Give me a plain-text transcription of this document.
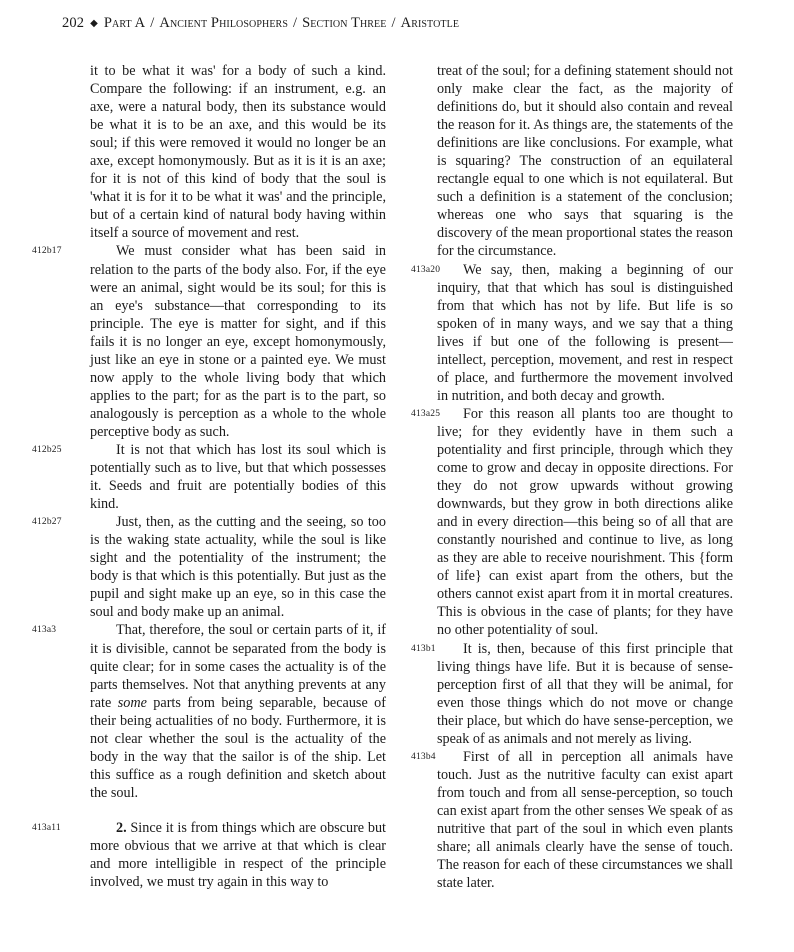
202 ◆ Part A / Ancient Philosophers / Section Three / Aristotle

it to be what it was' for a body of such a kind. Compare the following: if an instrument, e.g. an axe, were a natural body, then its substance would be what it is to be an axe, and this would be its soul; if this were removed it would no longer be an axe, except homonymously. But as it is it is an axe; for it is not of this kind of body that the soul is 'what it is for it to be what it was' and the principle, but of a certain kind of natural body having within itself a source of movement and rest.

412b17	We must consider what has been said in relation to the parts of the body also. For, if the eye were an animal, sight would be its soul; for this is an eye's substance—that corresponding to its principle. The eye is matter for sight, and if this fails it is no longer an eye, except homonymously, just like an eye in stone or a painted eye. We must now apply to the whole living body that which applies to the part; for as the part is to the part, so analogously is perception as a whole to the whole perceptive body as such.

412b25	It is not that which has lost its soul which is potentially such as to live, but that which possesses it. Seeds and fruit are potentially bodies of this kind.

412b27	Just, then, as the cutting and the seeing, so too is the waking state actuality, while the soul is like sight and the potentiality of the instrument; the body is that which is this potentially. But just as the pupil and sight make up an eye, so in this case the soul and body make up an animal.

413a3	That, therefore, the soul or certain parts of it, if it is divisible, cannot be separated from the body is quite clear; for in some cases the actuality is of the parts themselves. Not that anything prevents at any rate some parts from being separable, because of their being actualities of no body. Furthermore, it is not clear whether the soul is the actuality of the body in the way that the sailor is of the ship. Let this suffice as a rough definition and sketch about the soul.

413a11	2. Since it is from things which are obscure but more obvious that we arrive at that which is clear and more intelligible in respect of the principle involved, we must try again in this way to

treat of the soul; for a defining statement should not only make clear the fact, as the majority of definitions do, but it should also contain and reveal the reason for it. As things are, the statements of the definitions are like conclusions. For example, what is squaring? The construction of an equilateral rectangle equal to one which is not equilateral. But such a definition is a statement of the conclusion; whereas one who says that squaring is the discovery of the mean proportional states the reason for the circumstance.

413a20 We say, then, making a beginning of our inquiry, that that which has soul is distinguished from that which has not by life. But life is so spoken of in many ways, and we say that a thing lives if but one of the following is present—intellect, perception, movement, and rest in respect of place, and furthermore the movement involved in nutrition, and both decay and growth.

413a25 For this reason all plants too are thought to live; for they evidently have in them such a potentiality and first principle, through which they come to grow and decay in opposite directions. For they do not grow upwards without growing downwards, but they grow in both directions alike and in every direction—this being so of all that are constantly nourished and continue to live, as long as they are able to receive nourishment. This {form of life} can exist apart from the others, but the others cannot exist apart from it in mortal creatures. This is obvious in the case of plants; for they have no other potentiality of soul.

413b1 It is, then, because of this first principle that living things have life. But it is because of sense-perception first of all that they will be animal, for even those things which do not move or change their place, but which do have sense-perception, we speak of as animals and not merely as living.

413b4 First of all in perception all animals have touch. Just as the nutritive faculty can exist apart from touch and from all sense-perception, so touch can exist apart from the other senses We speak of as nutritive that part of the soul in which even plants share; all animals clearly have the sense of touch. The reason for each of these circumstances we shall state later.
